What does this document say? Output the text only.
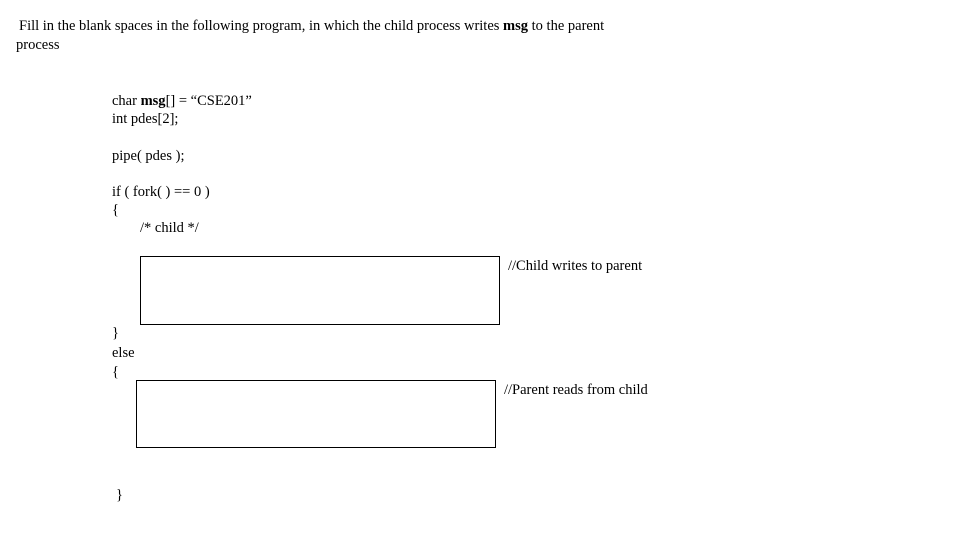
Fill in the blank spaces in the following program, in which the child process writes msg to the parent
process
char msg[] = “CSE201”
int pdes[2];
pipe( pdes );
if ( fork( ) == 0 )
{
/* child */
//Child writes to parent
}
else
{
//Parent reads from child
}
